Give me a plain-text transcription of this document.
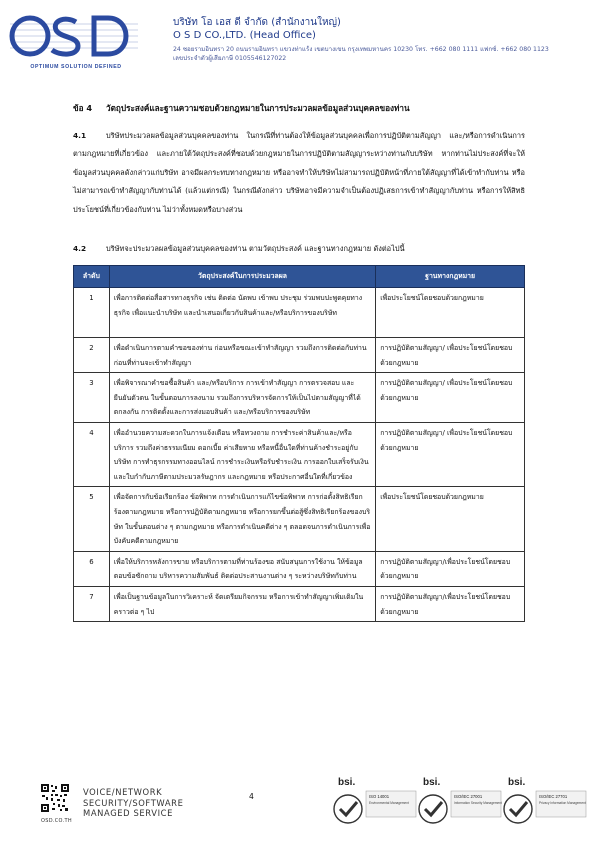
OPTIMUM SOLUTION DEFINED
บริษัท โอ เอส ดี จำกัด (สำนักงานใหญ่)
O S D CO.,LTD. (Head Office)
24 ซอยรามอินทรา 20 ถนนรามอินทรา แขวงท่าแร้ง เขตบางเขน กรุงเทพมหานคร 10230 โทร. +662 080 1111 แฟกซ์. +662 080 1123
เลขประจำตัวผู้เสียภาษี 0105546127022
ข้อ 4 วัตถุประสงค์และฐานความชอบด้วยกฎหมายในการประมวลผลข้อมูลส่วนบุคคลของท่าน
4.1	บริษัทประมวลผลข้อมูลส่วนบุคคลของท่าน ในกรณีที่ท่านต้องให้ข้อมูลส่วนบุคคลเพื่อการปฏิบัติตามสัญญา และ/หรือการดำเนินการตามกฎหมายที่เกี่ยวข้อง และภายใต้วัตถุประสงค์ที่ชอบด้วยกฎหมายในการปฏิบัติตามสัญญาระหว่างท่านกับบริษัท หากท่านไม่ประสงค์ที่จะให้ข้อมูลส่วนบุคคลดังกล่าวแก่บริษัท อาจมีผลกระทบทางกฎหมาย หรืออาจทำให้บริษัทไม่สามารถปฏิบัติหน้าที่ภายใต้สัญญาที่ได้เข้าทำกับท่าน หรือไม่สามารถเข้าทำสัญญากับท่านได้ (แล้วแต่กรณี) ในกรณีดังกล่าว บริษัทอาจมีความจำเป็นต้องปฏิเสธการเข้าทำสัญญากับท่าน หรือการให้สิทธิประโยชน์ที่เกี่ยวข้องกับท่าน ไม่ว่าทั้งหมดหรือบางส่วน
4.2	บริษัทจะประมวลผลข้อมูลส่วนบุคคลของท่าน ตามวัตถุประสงค์ และฐานทางกฎหมาย ดังต่อไปนี้
ลำดับ	วัตถุประสงค์ในการประมวลผล	ฐานทางกฎหมาย
1	เพื่อการติดต่อสื่อสารทางธุรกิจ เช่น ติดต่อ นัดพบ เข้าพบ ประชุม ร่วมพบปะพูดคุยทางธุรกิจ เพื่อแนะนำบริษัท และนำเสนอเกี่ยวกับสินค้าและ/หรือบริการของบริษัท	เพื่อประโยชน์โดยชอบด้วยกฎหมาย
2	เพื่อดำเนินการตามคำขอของท่าน ก่อนหรือขณะเข้าทำสัญญา รวมถึงการติดต่อกับท่านก่อนที่ท่านจะเข้าทำสัญญา	การปฏิบัติตามสัญญา/ เพื่อประโยชน์โดยชอบด้วยกฎหมาย
3	เพื่อพิจารณาคำขอซื้อสินค้า และ/หรือบริการ การเข้าทำสัญญา การตรวจสอบ และยืนยันตัวตน ในขั้นตอนการลงนาม รวมถึงการบริหารจัดการให้เป็นไปตามสัญญาที่ได้ตกลงกัน การติดตั้งและการส่งมอบสินค้า และ/หรือบริการของบริษัท	การปฏิบัติตามสัญญา/ เพื่อประโยชน์โดยชอบด้วยกฎหมาย
4	เพื่ออำนวยความสะดวกในการแจ้งเตือน หรือทวงถาม การชำระค่าสินค้าและ/หรือบริการ รวมถึงค่าธรรมเนียม ดอกเบี้ย ค่าเสียหาย หรือหนี้อื่นใดที่ท่านค้างชำระอยู่กับบริษัท การทำธุรกรรมทางออนไลน์ การชำระเงินหรือรับชำระเงิน การออกใบเสร็จรับเงิน และใบกำกับภาษีตามประมวลรัษฎากร และกฎหมาย หรือประกาศอื่นใดที่เกี่ยวข้อง	การปฏิบัติตามสัญญา/ เพื่อประโยชน์โดยชอบด้วยกฎหมาย
5	เพื่อจัดการกับข้อเรียกร้อง ข้อพิพาท การดำเนินการแก้ไขข้อพิพาท การก่อตั้งสิทธิเรียกร้องตามกฎหมาย หรือการปฏิบัติตามกฎหมาย หรือการยกขึ้นต่อสู้ซึ่งสิทธิเรียกร้องของบริษัท ในขั้นตอนต่าง ๆ ตามกฎหมาย หรือการดำเนินคดีต่าง ๆ ตลอดจนการดำเนินการเพื่อบังคับคดีตามกฎหมาย	เพื่อประโยชน์โดยชอบด้วยกฎหมาย
6	เพื่อให้บริการหลังการขาย หรือบริการตามที่ท่านร้องขอ สนับสนุนการใช้งาน ให้ข้อมูล ตอบข้อซักถาม บริหารความสัมพันธ์ ติดต่อประสานงานต่าง ๆ ระหว่างบริษัทกับท่าน	การปฏิบัติตามสัญญา/เพื่อประโยชน์โดยชอบด้วยกฎหมาย
7	เพื่อเป็นฐานข้อมูลในการวิเคราะห์ จัดเตรียมกิจกรรม หรือการเข้าทำสัญญาเพิ่มเติมในคราวต่อ ๆ ไป	การปฏิบัติตามสัญญา/เพื่อประโยชน์โดยชอบด้วยกฎหมาย
OSD.CO.TH
VOICE/NETWORK
SECURITY/SOFTWARE
MANAGED SERVICE
4
bsi.
ISO 14001
Environmental Management
bsi.
ISO/IEC 27001
Information Security Management
bsi.
ISO/IEC 27701
Privacy Information Management
